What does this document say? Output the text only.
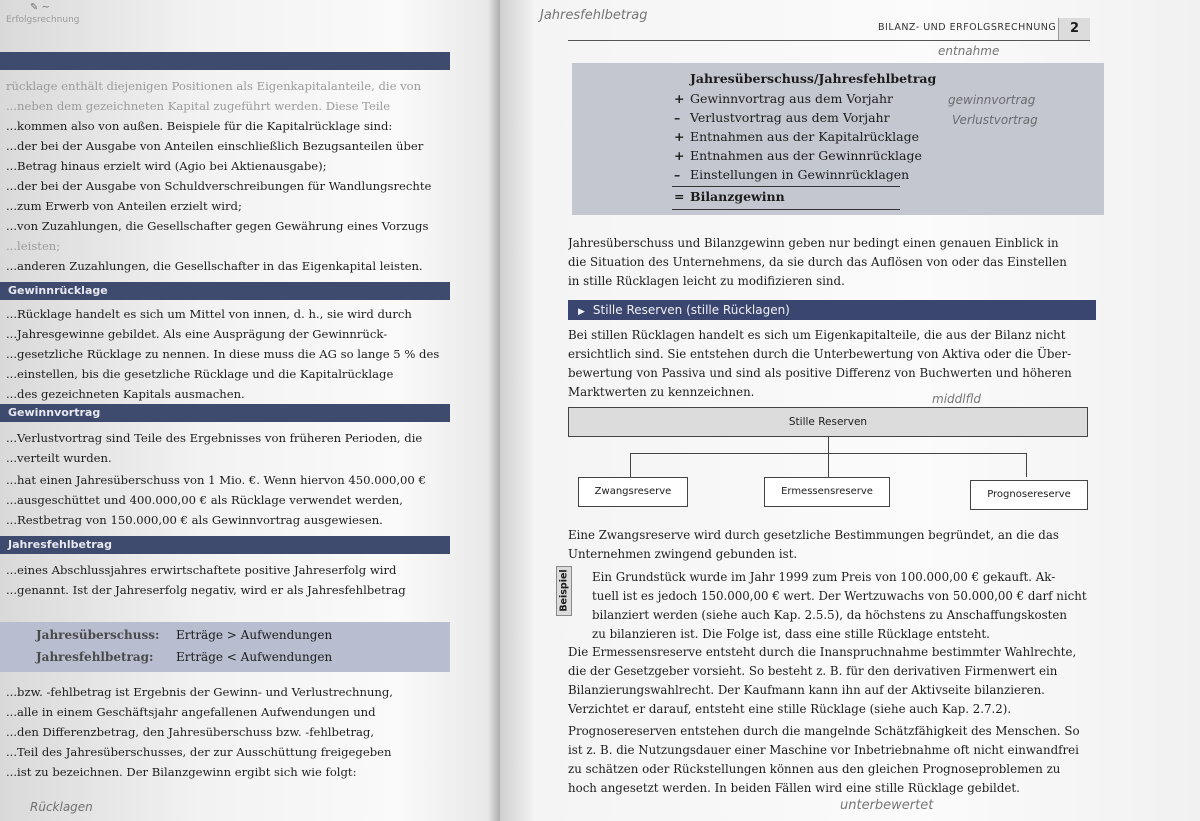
✎ ~
Erfolgsrechnung
rücklage enthält diejenigen Positionen als Eigenkapitalanteile, die von
...neben dem gezeichneten Kapital zugeführt werden. Diese Teile
...kommen also von außen. Beispiele für die Kapitalrücklage sind:
...der bei der Ausgabe von Anteilen einschließlich Bezugsanteilen über
...Betrag hinaus erzielt wird (Agio bei Aktienausgabe);
...der bei der Ausgabe von Schuldverschreibungen für Wandlungsrechte
...zum Erwerb von Anteilen erzielt wird;
...von Zuzahlungen, die Gesellschafter gegen Gewährung eines Vorzugs
...leisten;
...anderen Zuzahlungen, die Gesellschafter in das Eigenkapital leisten.
Gewinnrücklage
...Rücklage handelt es sich um Mittel von innen, d. h., sie wird durch
...Jahresgewinne gebildet. Als eine Ausprägung der Gewinnrück-
...gesetzliche Rücklage zu nennen. In diese muss die AG so lange 5 % des
...einstellen, bis die gesetzliche Rücklage und die Kapitalrücklage
...des gezeichneten Kapitals ausmachen.
Gewinnvortrag
...Verlustvortrag sind Teile des Ergebnisses von früheren Perioden, die
...verteilt wurden.
...hat einen Jahresüberschuss von 1 Mio. €. Wenn hiervon 450.000,00 €
...ausgeschüttet und 400.000,00 € als Rücklage verwendet werden,
...Restbetrag von 150.000,00 € als Gewinnvortrag ausgewiesen.
Jahresfehlbetrag
...eines Abschlussjahres erwirtschaftete positive Jahreserfolg wird
...genannt. Ist der Jahreserfolg negativ, wird er als Jahresfehlbetrag
Jahresüberschuss: Erträge > Aufwendungen
Jahresfehlbetrag: Erträge < Aufwendungen
...bzw. -fehlbetrag ist Ergebnis der Gewinn- und Verlustrechnung,
...alle in einem Geschäftsjahr angefallenen Aufwendungen und
...den Differenzbetrag, den Jahresüberschuss bzw. -fehlbetrag,
...Teil des Jahresüberschusses, der zur Ausschüttung freigegeben
...ist zu bezeichnen. Der Bilanzgewinn ergibt sich wie folgt:
Rücklagen
Jahresfehlbetrag
BILANZ- UND ERFOLGSRECHNUNG	2
entnahme
Jahresüberschuss/Jahresfehlbetrag
+ Gewinnvortrag aus dem Vorjahr
– Verlustvortrag aus dem Vorjahr
+ Entnahmen aus der Kapitalrücklage
+ Entnahmen aus der Gewinnrücklage
– Einstellungen in Gewinnrücklagen
= Bilanzgewinn
gewinnvortrag
Verlustvortrag
Jahresüberschuss und Bilanzgewinn geben nur bedingt einen genauen Einblick in
die Situation des Unternehmens, da sie durch das Auflösen von oder das Einstellen
in stille Rücklagen leicht zu modifizieren sind.
▶ Stille Reserven (stille Rücklagen)
Bei stillen Rücklagen handelt es sich um Eigenkapitalteile, die aus der Bilanz nicht
ersichtlich sind. Sie entstehen durch die Unterbewertung von Aktiva oder die Über-
bewertung von Passiva und sind als positive Differenz von Buchwerten und höheren
Marktwerten zu kennzeichnen.	middlfld
Stille Reserven
Zwangsreserve	Ermessensreserve	Prognosereserve
Eine Zwangsreserve wird durch gesetzliche Bestimmungen begründet, an die das
Unternehmen zwingend gebunden ist.
Beispiel Ein Grundstück wurde im Jahr 1999 zum Preis von 100.000,00 € gekauft. Ak-
tuell ist es jedoch 150.000,00 € wert. Der Wertzuwachs von 50.000,00 € darf nicht
bilanziert werden (siehe auch Kap. 2.5.5), da höchstens zu Anschaffungskosten
zu bilanzieren ist. Die Folge ist, dass eine stille Rücklage entsteht.
Die Ermessensreserve entsteht durch die Inanspruchnahme bestimmter Wahlrechte,
die der Gesetzgeber vorsieht. So besteht z. B. für den derivativen Firmenwert ein
Bilanzierungswahlrecht. Der Kaufmann kann ihn auf der Aktivseite bilanzieren.
Verzichtet er darauf, entsteht eine stille Rücklage (siehe auch Kap. 2.7.2).
Prognosereserven entstehen durch die mangelnde Schätzfähigkeit des Menschen. So
ist z. B. die Nutzungsdauer einer Maschine vor Inbetriebnahme oft nicht einwandfrei
zu schätzen oder Rückstellungen können aus den gleichen Prognoseproblemen zu
hoch angesetzt werden. In beiden Fällen wird eine stille Rücklage gebildet.
unterbewertet
